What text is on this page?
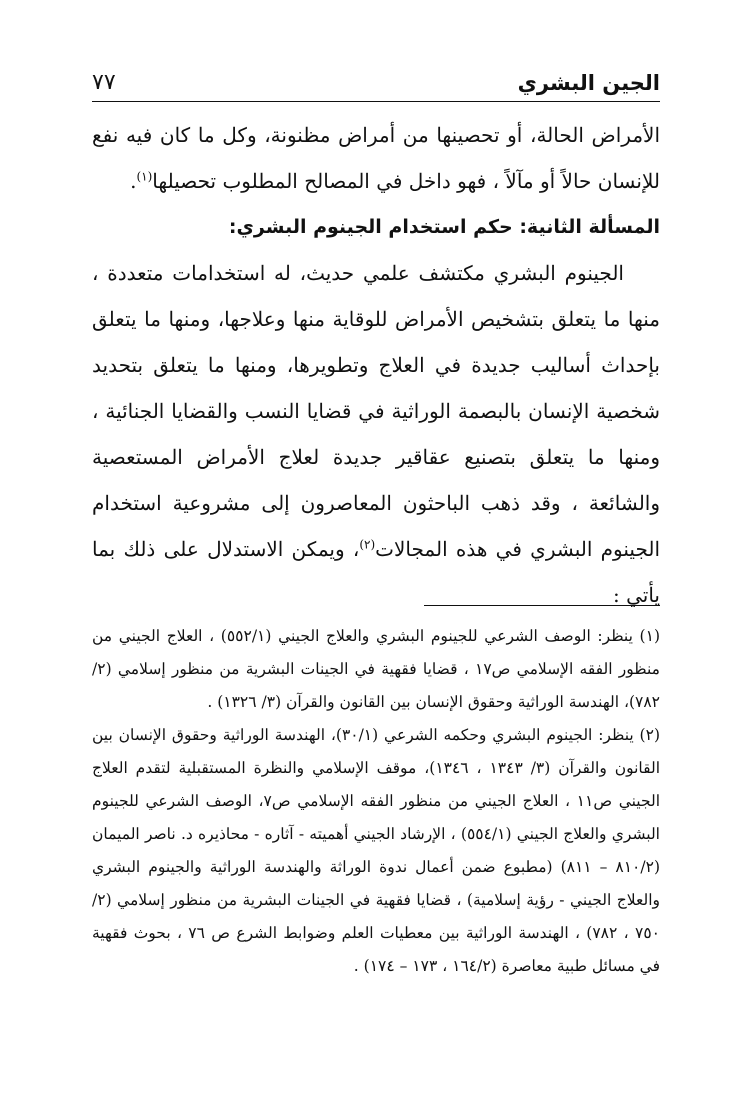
الجين البشري
٧٧

الأمراض الحالة، أو تحصينها من أمراض مظنونة، وكل ما كان فيه نفع للإنسان حالاً أو مآلاً ، فهو داخل في المصالح المطلوب تحصيلها$^{(١)}$.

المسألة الثانية: حكم استخدام الجينوم البشري:

الجينوم البشري مكتشف علمي حديث، له استخدامات متعددة ، منها ما يتعلق بتشخيص الأمراض للوقاية منها وعلاجها، ومنها ما يتعلق بإحداث أساليب جديدة في العلاج وتطويرها، ومنها ما يتعلق بتحديد شخصية الإنسان بالبصمة الوراثية في قضايا النسب والقضايا الجنائية ، ومنها ما يتعلق بتصنيع عقاقير جديدة لعلاج الأمراض المستعصية والشائعة ، وقد ذهب الباحثون المعاصرون إلى مشروعية استخدام الجينوم البشري في هذه المجالات$^{(٢)}$، ويمكن الاستدلال على ذلك بما يأتي :

(١) ينظر: الوصف الشرعي للجينوم البشري والعلاج الجيني (٥٥٢/١) ، العلاج الجيني من منظور الفقه الإسلامي ص١٧ ، قضايا فقهية في الجينات البشرية من منظور إسلامي (٢/ ٧٨٢)، الهندسة الوراثية وحقوق الإنسان بين القانون والقرآن (٣/ ١٣٢٦) .

(٢) ينظر: الجينوم البشري وحكمه الشرعي (٣٠/١)، الهندسة الوراثية وحقوق الإنسان بين القانون والقرآن (٣/ ١٣٤٣ ، ١٣٤٦)، موقف الإسلامي والنظرة المستقبلية لتقدم العلاج الجيني ص١١ ، العلاج الجيني من منظور الفقه الإسلامي ص٧، الوصف الشرعي للجينوم البشري والعلاج الجيني (٥٥٤/١) ، الإرشاد الجيني أهميته - آثاره - محاذيره د. ناصر الميمان (٨١٠/٢ – ٨١١) (مطبوع ضمن أعمال ندوة الوراثة والهندسة الوراثية والجينوم البشري والعلاج الجيني - رؤية إسلامية) ، قضايا فقهية في الجينات البشرية من منظور إسلامي (٢/ ٧٥٠ ، ٧٨٢) ، الهندسة الوراثية بين معطيات العلم وضوابط الشرع ص ٧٦ ، بحوث فقهية في مسائل طبية معاصرة (١٦٤/٢ ، ١٧٣ – ١٧٤) .
